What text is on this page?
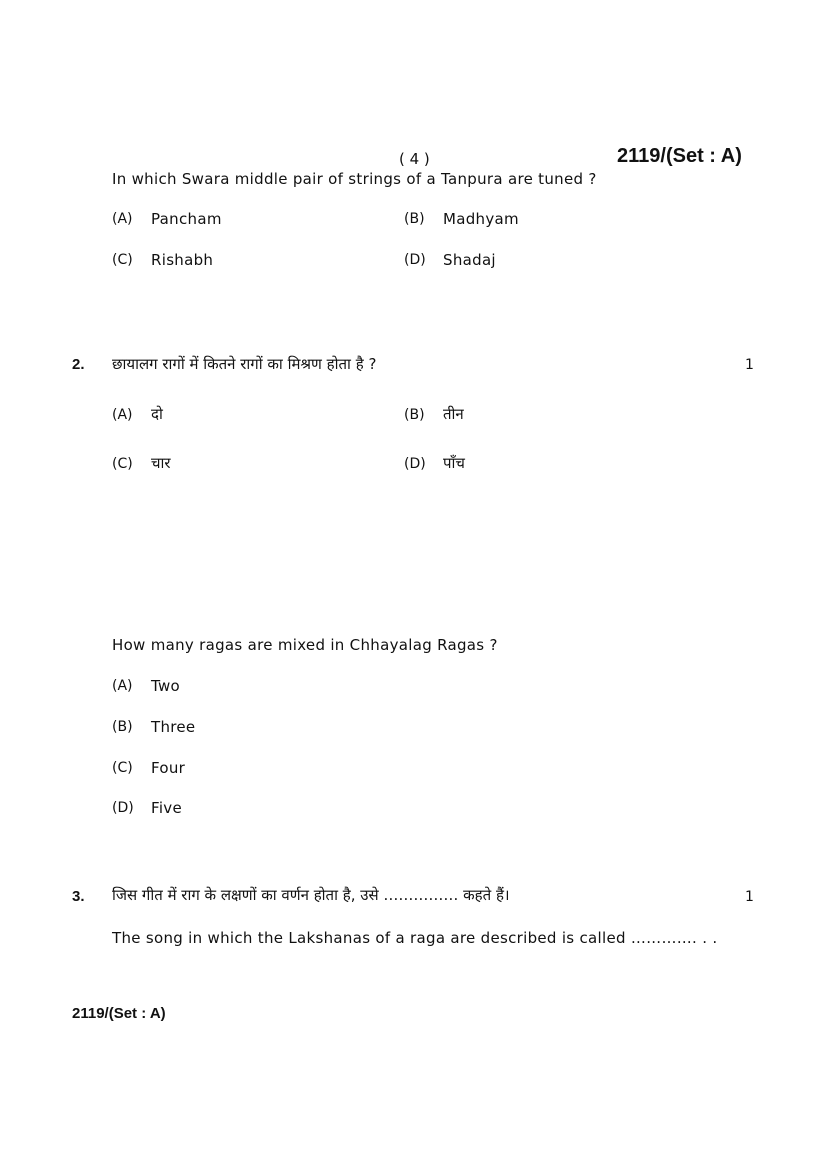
( 4 )	2119/(Set : A)
In which Swara middle pair of strings of a Tanpura are tuned ?
(A) Pancham	(B) Madhyam
(C) Rishabh	(D) Shadaj
2. छायालग रागों में कितने रागों का मिश्रण होता है ?	1
(A) दो	(B) तीन
(C) चार	(D) पाँच
How many ragas are mixed in Chhayalag Ragas ?
(A) Two
(B) Three
(C) Four
(D) Five
3. जिस गीत में राग के लक्षणों का वर्णन होता है, उसे …………… कहते हैं।	1
The song in which the Lakshanas of a raga are described is called …………. . .
2119/(Set : A)
